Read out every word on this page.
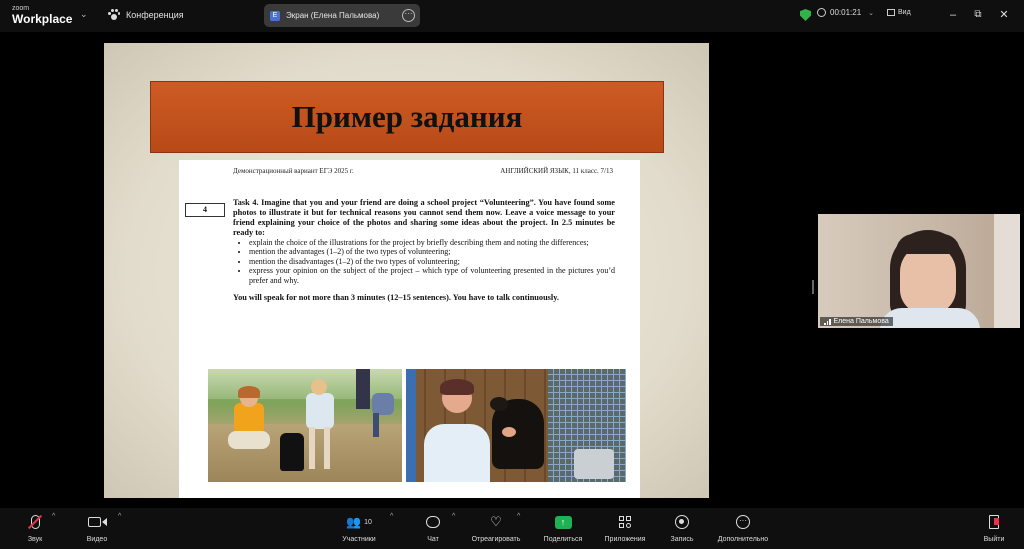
zoom
Workplace ⌄	Конференция	E	Экран (Елена Пальмова)	···	00:01:21 ⌄	Вид	–	⧉	✕
Пример задания
Демонстрационный вариант ЕГЭ 2025 г.	АНГЛИЙСКИЙ ЯЗЫК, 11 класс. 7/13
4
Task 4. Imagine that you and your friend are doing a school project “Volunteering”. You have found some photos to illustrate it but for technical reasons you cannot send them now. Leave a voice message to your friend explaining your choice of the photos and sharing some ideas about the project. In 2.5 minutes be ready to:
• explain the choice of the illustrations for the project by briefly describing them and noting the differences;
• mention the advantages (1–2) of the two types of volunteering;
• mention the disadvantages (1–2) of the two types of volunteering;
• express your opinion on the subject of the project – which type of volunteering presented in the pictures you’d prefer and why.
You will speak for not more than 3 minutes (12–15 sentences). You have to talk continuously.
Елена Пальмова
^
Звук
^
Видео
👥 10
^
Участники
^
Чат
♡ ^
Отреагировать
↑
Поделиться	Приложения	Запись
···
Дополнительно	Выйти
